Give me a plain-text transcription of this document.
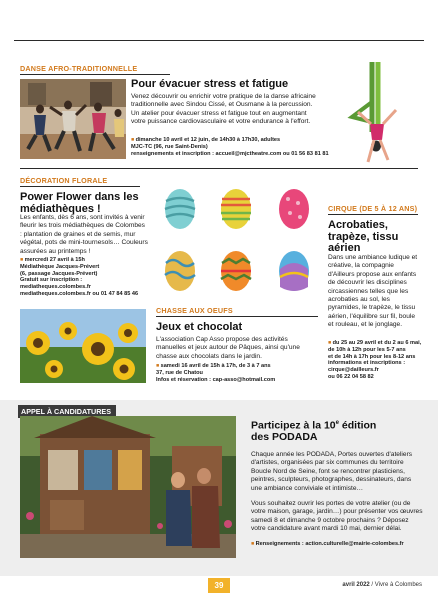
DANSE AFRO-TRADITIONNELLE
Pour évacuer stress et fatigue
Venez découvrir ou enrichir votre pratique de la danse africaine traditionnelle avec Sindou Cissé, et Ousmane à la percussion. Un atelier pour évacuer stress et fatigue tout en augmentant votre puissance cardiovasculaire et votre endurance à l'effort.
■ dimanche 10 avril et 12 juin, de 14h30 à 17h30, adultes
MJC-TC (96, rue Saint-Denis)
renseignements et inscription : accueil@mjctheatre.com ou 01 56 83 81 81
DÉCORATION FLORALE
Power Flower dans les médiathèques !
Les enfants, dès 6 ans, sont invités à venir fleurir les trois médiathèques de Colombes : plantation de graines et de semis, mur végétal, pots de mini-tournesols… Couleurs assurées au printemps !
■ mercredi 27 avril à 15h
Médiathèque Jacques-Prévert
(6, passage Jacques-Prévert)
Gratuit sur inscription :
mediatheques.colombes.fr
mediatheques.colombes.fr ou 01 47 84 85 46
CHASSE AUX OEUFS
Jeux et chocolat
L'association Cap Asso propose des activités manuelles et jeux autour de Pâques, ainsi qu'une chasse aux chocolats dans le jardin.
■ samedi 16 avril de 15h à 17h, de 3 à 7 ans
37, rue de Chatou
Infos et réservation : cap-asso@hotmail.com
CIRQUE (DE 5 À 12 ANS)
Acrobaties, trapèze, tissu aérien
Dans une ambiance ludique et créative, la compagnie d'Ailleurs propose aux enfants de découvrir les disciplines circassiennes telles que les acrobaties au sol, les pyramides, le trapèze, le tissu aérien, l'équilibre sur fil, boule et rouleau, et le jonglage.
■ du 25 au 29 avril et du 2 au 6 mai,
de 10h à 12h pour les 5-7 ans
et de 14h à 17h pour les 8-12 ans
informations et inscriptions :
cirque@dailleurs.fr
ou 06 22 04 58 82
APPEL À CANDIDATURES
Participez à la 10e édition
des PODADA
Chaque année les PODADA, Portes ouvertes d'ateliers d'artistes, organisées par six communes du territoire Boucle Nord de Seine, font se rencontrer plasticiens, peintres, sculpteurs, photographes, dessinateurs, dans une ambiance conviviale et intimiste…
Vous souhaitez ouvrir les portes de votre atelier (ou de votre maison, garage, jardin…) pour présenter vos œuvres samedi 8 et dimanche 9 octobre prochains ? Déposez votre candidature avant mardi 10 mai, dernier délai.
■ Renseignements : action.culturelle@mairie-colombes.fr
39	avril 2022 / Vivre à Colombes
